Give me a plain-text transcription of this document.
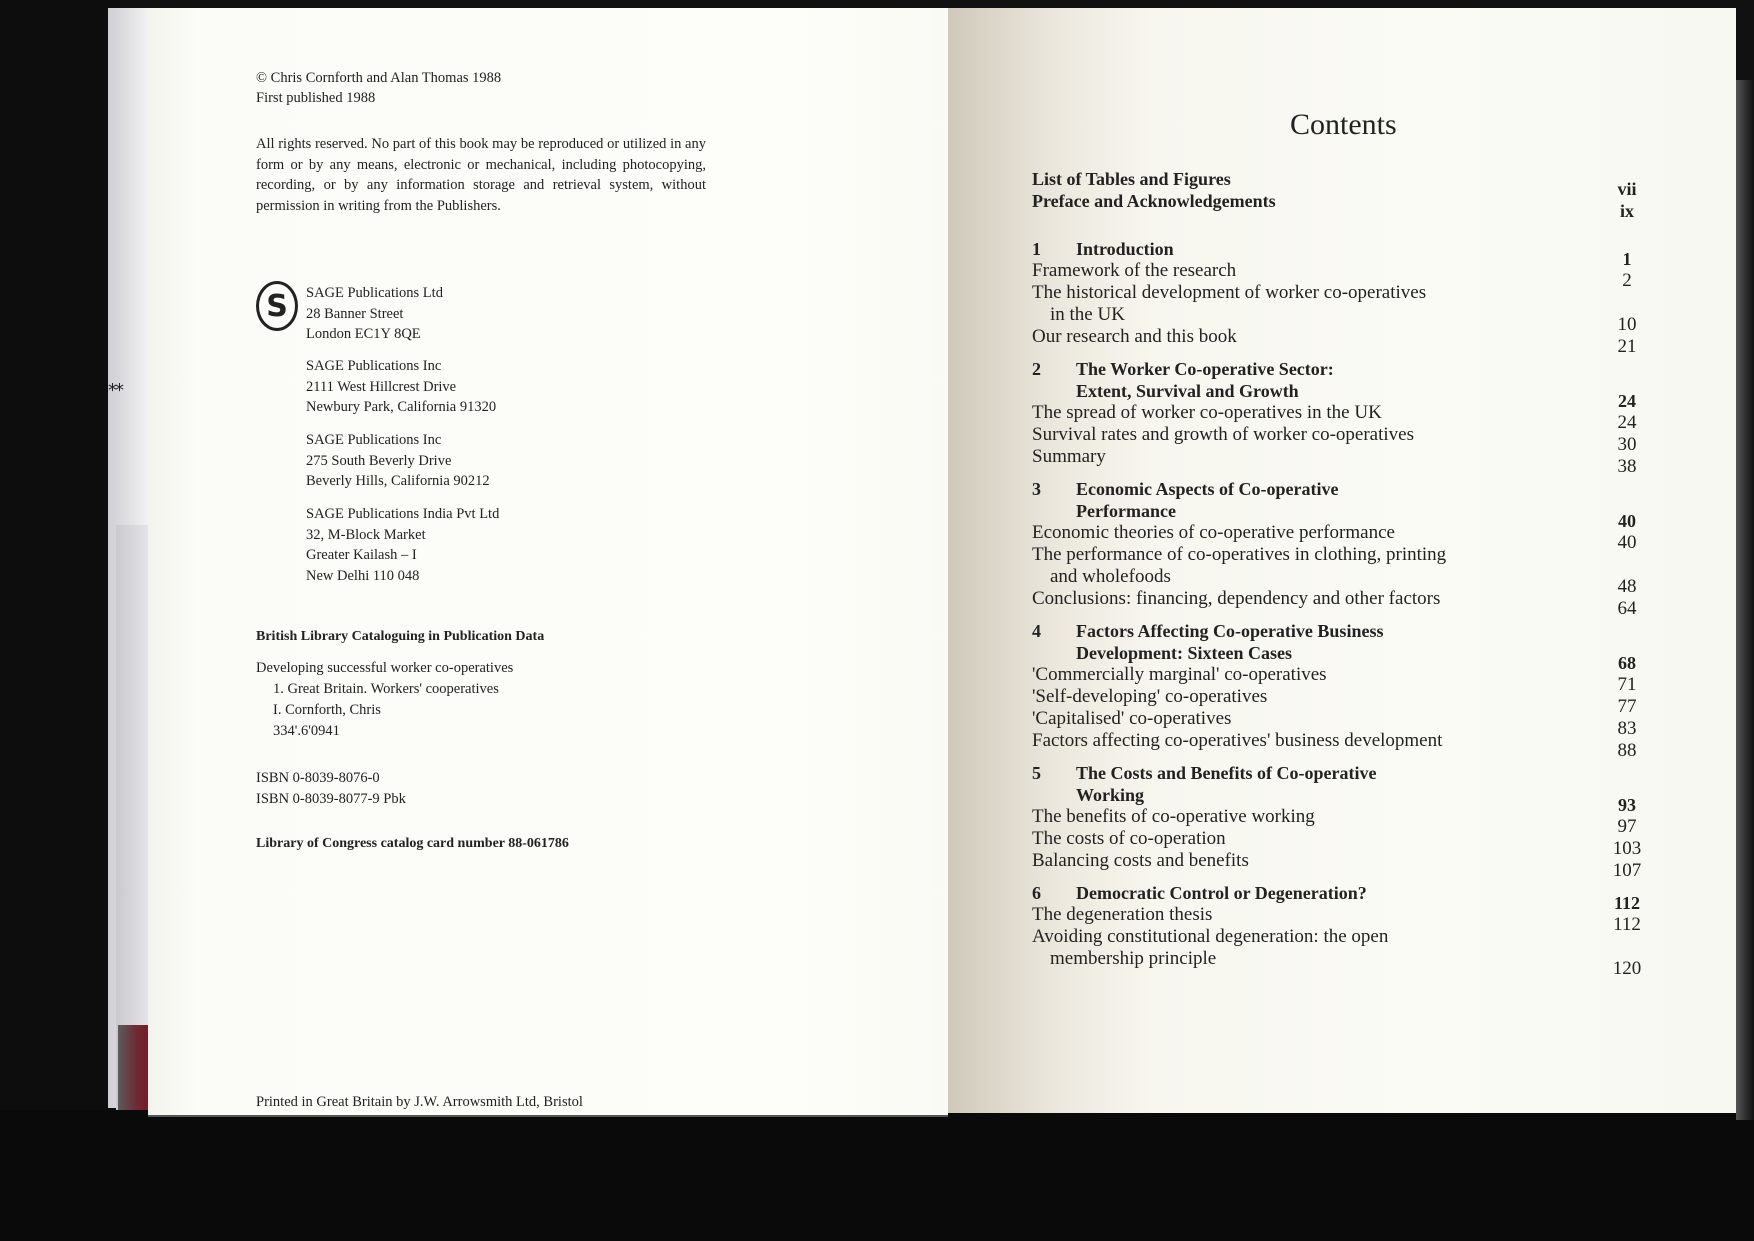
**
© Chris Cornforth and Alan Thomas 1988
First published 1988
All rights reserved. No part of this book may be reproduced or utilized in any form or by any means, electronic or mechanical, including photocopying, recording, or by any information storage and retrieval system, without permission in writing from the Publishers.
S	SAGE Publications Ltd
28 Banner Street
London EC1Y 8QE
SAGE Publications Inc
2111 West Hillcrest Drive
Newbury Park, California 91320
SAGE Publications Inc
275 South Beverly Drive
Beverly Hills, California 90212
SAGE Publications India Pvt Ltd
32, M-Block Market
Greater Kailash – I
New Delhi 110 048
British Library Cataloguing in Publication Data
Developing successful worker co-operatives
1. Great Britain. Workers' cooperatives
I. Cornforth, Chris
334'.6'0941
ISBN 0-8039-8076-0
ISBN 0-8039-8077-9 Pbk
Library of Congress catalog card number 88-061786
Printed in Great Britain by J.W. Arrowsmith Ltd, Bristol
Contents
List of Tables and Figures	vii
Preface and Acknowledgements	ix
1 Introduction	1
Framework of the research	2
The historical development of worker co-operatives
in the UK	10
Our research and this book	21
2 The Worker Co-operative Sector:
Extent, Survival and Growth	24
The spread of worker co-operatives in the UK	24
Survival rates and growth of worker co-operatives	30
Summary	38
3 Economic Aspects of Co-operative
Performance	40
Economic theories of co-operative performance	40
The performance of co-operatives in clothing, printing
and wholefoods	48
Conclusions: financing, dependency and other factors	64
4 Factors Affecting Co-operative Business
Development: Sixteen Cases	68
'Commercially marginal' co-operatives	71
'Self-developing' co-operatives	77
'Capitalised' co-operatives	83
Factors affecting co-operatives' business development	88
5 The Costs and Benefits of Co-operative
Working	93
The benefits of co-operative working	97
The costs of co-operation	103
Balancing costs and benefits	107
6 Democratic Control or Degeneration?	112
The degeneration thesis	112
Avoiding constitutional degeneration: the open
membership principle	120
